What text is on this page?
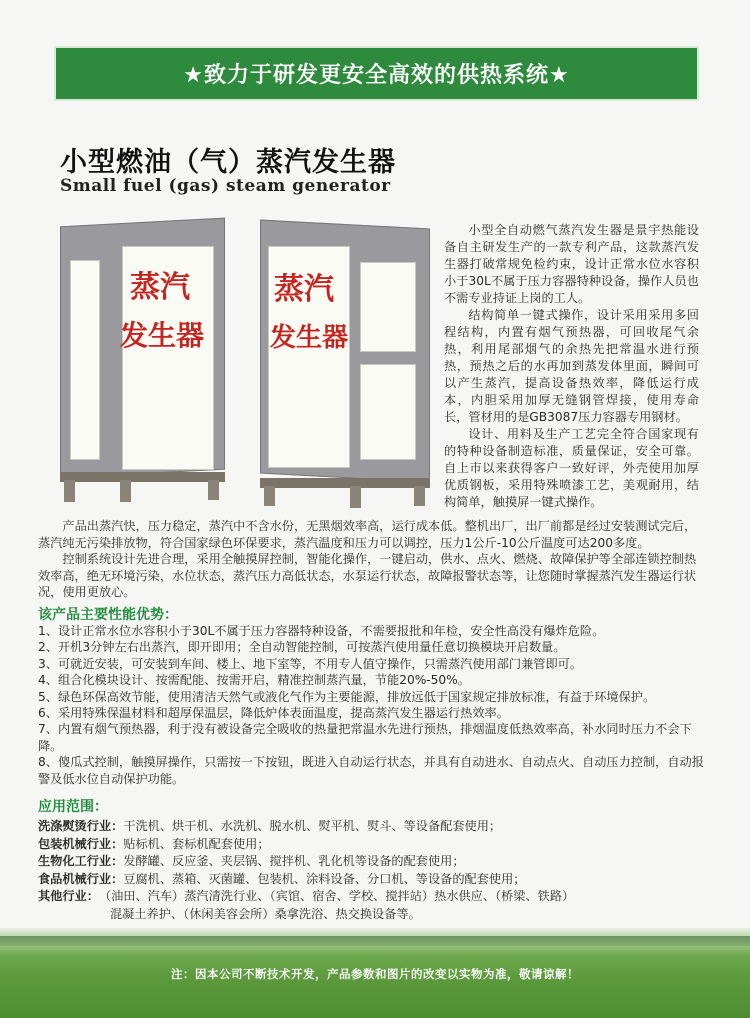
★致力于研发更安全高效的供热系统★
小型燃油（气）蒸汽发生器
Small fuel (gas) steam generator
蒸汽
发生器
蒸汽
发生器

小型全自动燃气蒸汽发生器是景宇热能设备自主研发生产的一款专利产品，这款蒸汽发生器打破常规免检约束，设计正常水位水容积小于30L不属于压力容器特种设备，操作人员也不需专业持证上岗的工人。

结构简单一键式操作，设计采用采用多回程结构，内置有烟气预热器，可回收尾气余热，利用尾部烟气的余热先把常温水进行预热，预热之后的水再加到蒸发体里面，瞬间可以产生蒸汽，提高设备热效率，降低运行成本，内胆采用加厚无缝钢管焊接，使用寿命长，管材用的是GB3087压力容器专用钢材。

设计、用料及生产工艺完全符合国家现有的特种设备制造标准，质量保证，安全可靠。自上市以来获得客户一致好评，外壳使用加厚优质钢板，采用特殊喷漆工艺，美观耐用，结构简单，触摸屏一键式操作。

产品出蒸汽快，压力稳定，蒸汽中不含水份，无黑烟效率高，运行成本低。整机出厂，出厂前都是经过安装测试完后，蒸汽纯无污染排放物，符合国家绿色环保要求，蒸汽温度和压力可以调控，压力1公斤-10公斤温度可达200多度。

控制系统设计先进合理，采用全触摸屏控制，智能化操作，一键启动，供水、点火、燃烧、故障保护等全部连锁控制热效率高，绝无环境污染，水位状态，蒸汽压力高低状态，水泵运行状态，故障报警状态等，让您随时掌握蒸汽发生器运行状况，使用更放心。

该产品主要性能优势：
1、设计正常水位水容积小于30L不属于压力容器特种设备，不需要报批和年检，安全性高没有爆炸危险。
2、开机3分钟左右出蒸汽，即开即用；全自动智能控制，可按蒸汽使用量任意切换模块开启数量。
3、可就近安装，可安装到车间、楼上、地下室等，不用专人值守操作，只需蒸汽使用部门兼管即可。
4、组合化模块设计、按需配能、按需开启，精准控制蒸汽量，节能20%-50%。
5、绿色环保高效节能，使用清洁天然气或液化气作为主要能源，排放远低于国家规定排放标准，有益于环境保护。
6、采用特殊保温材料和超厚保温层，降低炉体表面温度，提高蒸汽发生器运行热效率。
7、内置有烟气预热器，利于没有被设备完全吸收的热量把常温水先进行预热，排烟温度低热效率高，补水同时压力不会下降。
8、傻瓜式控制，触摸屏操作，只需按一下按钮，既进入自动运行状态，并具有自动进水、自动点火、自动压力控制，自动报警及低水位自动保护功能。
应用范围：
洗涤熨烫行业： 干洗机、烘干机、水洗机、脱水机、熨平机、熨斗、等设备配套使用；
包装机械行业： 贴标机、套标机配套使用；
生物化工行业： 发酵罐、反应釜、夹层锅、搅拌机、乳化机等设备的配套使用；
食品机械行业： 豆腐机、蒸箱、灭菌罐、包装机、涂料设备、分口机、等设备的配套使用；
其他行业： （油田、汽车）蒸汽清洗行业、（宾馆、宿舍、学校、搅拌站）热水供应、（桥梁、铁路）
混凝土养护、（休闲美容会所）桑拿洗浴、热交换设备等。
注：因本公司不断技术开发，产品参数和图片的改变以实物为准，敬请谅解！
